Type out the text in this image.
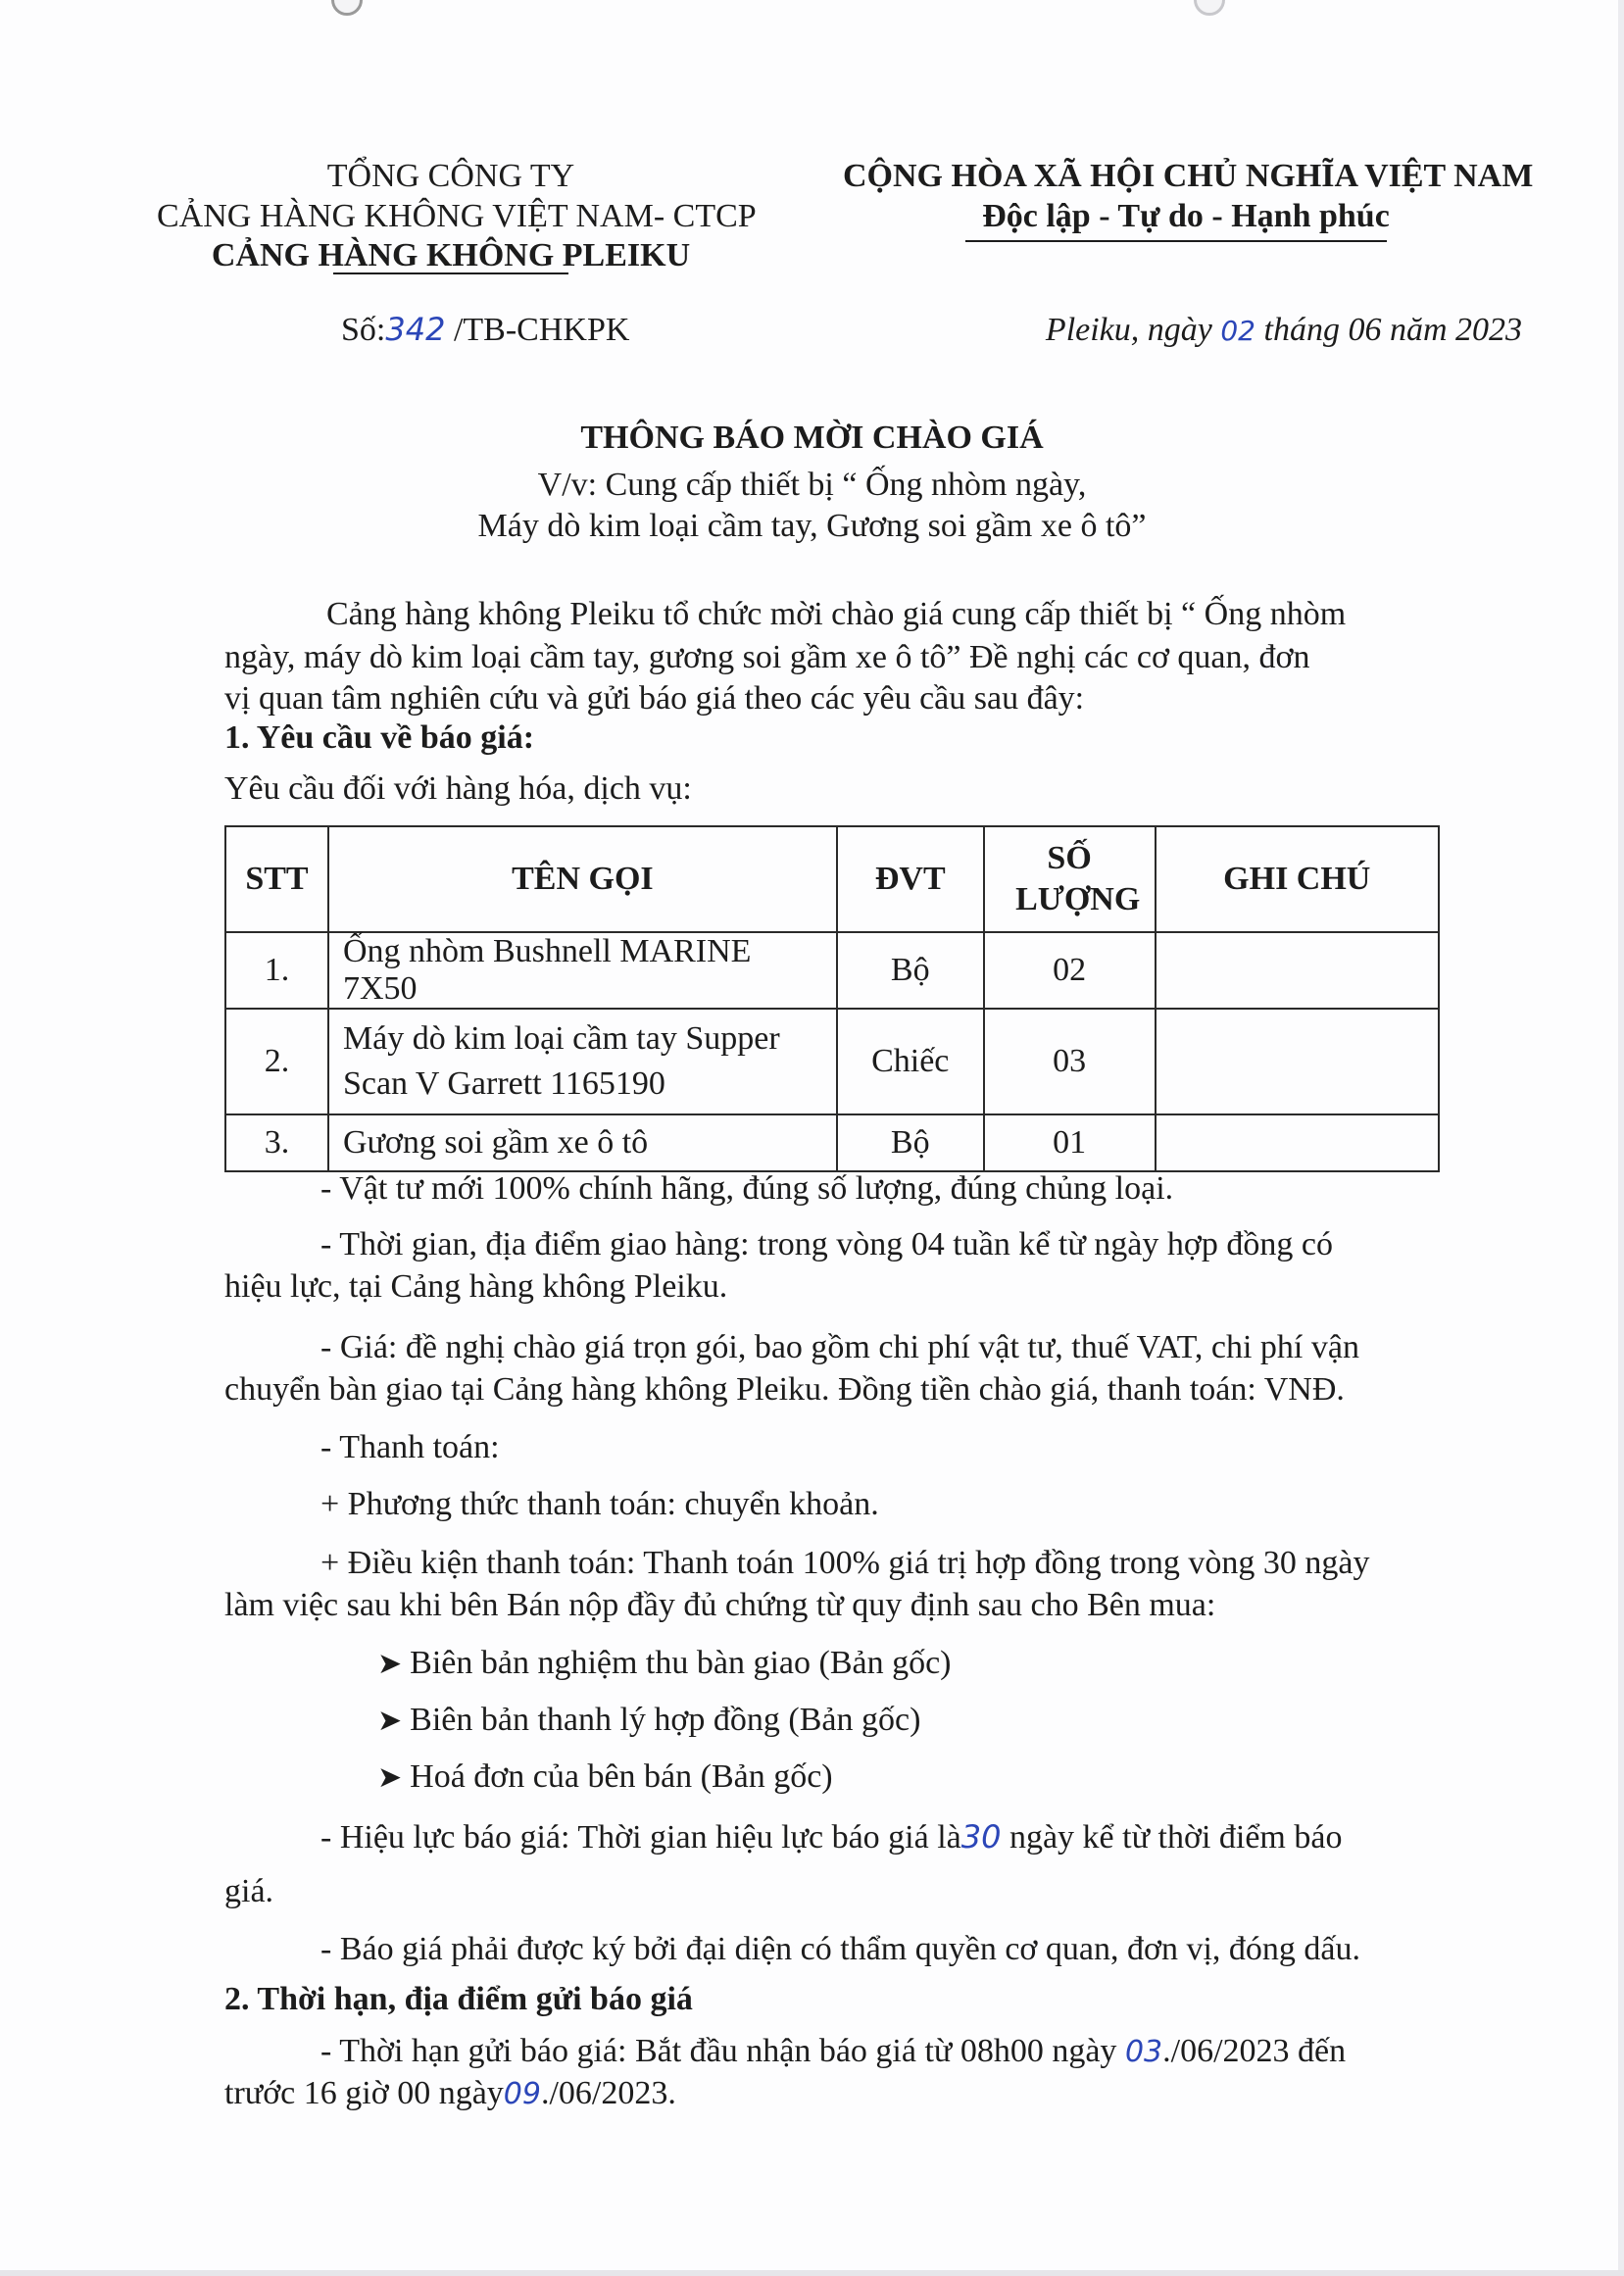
TỔNG CÔNG TY
CẢNG HÀNG KHÔNG VIỆT NAM- CTCP
CẢNG HÀNG KHÔNG PLEIKU
CỘNG HÒA XÃ HỘI CHỦ NGHĨA VIỆT NAM
Độc lập - Tự do - Hạnh phúc
Số:342 /TB-CHKPK	Pleiku, ngày 02 tháng 06 năm 2023
THÔNG BÁO MỜI CHÀO GIÁ
V/v: Cung cấp thiết bị “ Ống nhòm ngày,
Máy dò kim loại cầm tay, Gương soi gầm xe ô tô”
Cảng hàng không Pleiku tổ chức mời chào giá cung cấp thiết bị “ Ống nhòm
ngày, máy dò kim loại cầm tay, gương soi gầm xe ô tô” Đề nghị các cơ quan, đơn
vị quan tâm nghiên cứu và gửi báo giá theo các yêu cầu sau đây:
1. Yêu cầu về báo giá:
Yêu cầu đối với hàng hóa, dịch vụ:
STT	TÊN GỌI	ĐVT	SỐ LƯỢNG	GHI CHÚ
1.	Ống nhòm Bushnell MARINE 7X50	Bộ	02	
2.	Máy dò kim loại cầm tay Supper Scan V Garrett 1165190	Chiếc	03	
3.	Gương soi gầm xe ô tô	Bộ	01	
- Vật tư mới 100% chính hãng, đúng số lượng, đúng chủng loại.
- Thời gian, địa điểm giao hàng: trong vòng 04 tuần kể từ ngày hợp đồng có
hiệu lực, tại Cảng hàng không Pleiku.
- Giá: đề nghị chào giá trọn gói, bao gồm chi phí vật tư, thuế VAT, chi phí vận
chuyển bàn giao tại Cảng hàng không Pleiku. Đồng tiền chào giá, thanh toán: VNĐ.
- Thanh toán:
+ Phương thức thanh toán: chuyển khoản.
+ Điều kiện thanh toán: Thanh toán 100% giá trị hợp đồng trong vòng 30 ngày
làm việc sau khi bên Bán nộp đầy đủ chứng từ quy định sau cho Bên mua:
➤ Biên bản nghiệm thu bàn giao (Bản gốc)
➤ Biên bản thanh lý hợp đồng (Bản gốc)
➤ Hoá đơn của bên bán (Bản gốc)
- Hiệu lực báo giá: Thời gian hiệu lực báo giá là30 ngày kể từ thời điểm báo
giá.
- Báo giá phải được ký bởi đại diện có thẩm quyền cơ quan, đơn vị, đóng dấu.
2. Thời hạn, địa điểm gửi báo giá
- Thời hạn gửi báo giá: Bắt đầu nhận báo giá từ 08h00 ngày 03./06/2023 đến
trước 16 giờ 00 ngày09./06/2023.
